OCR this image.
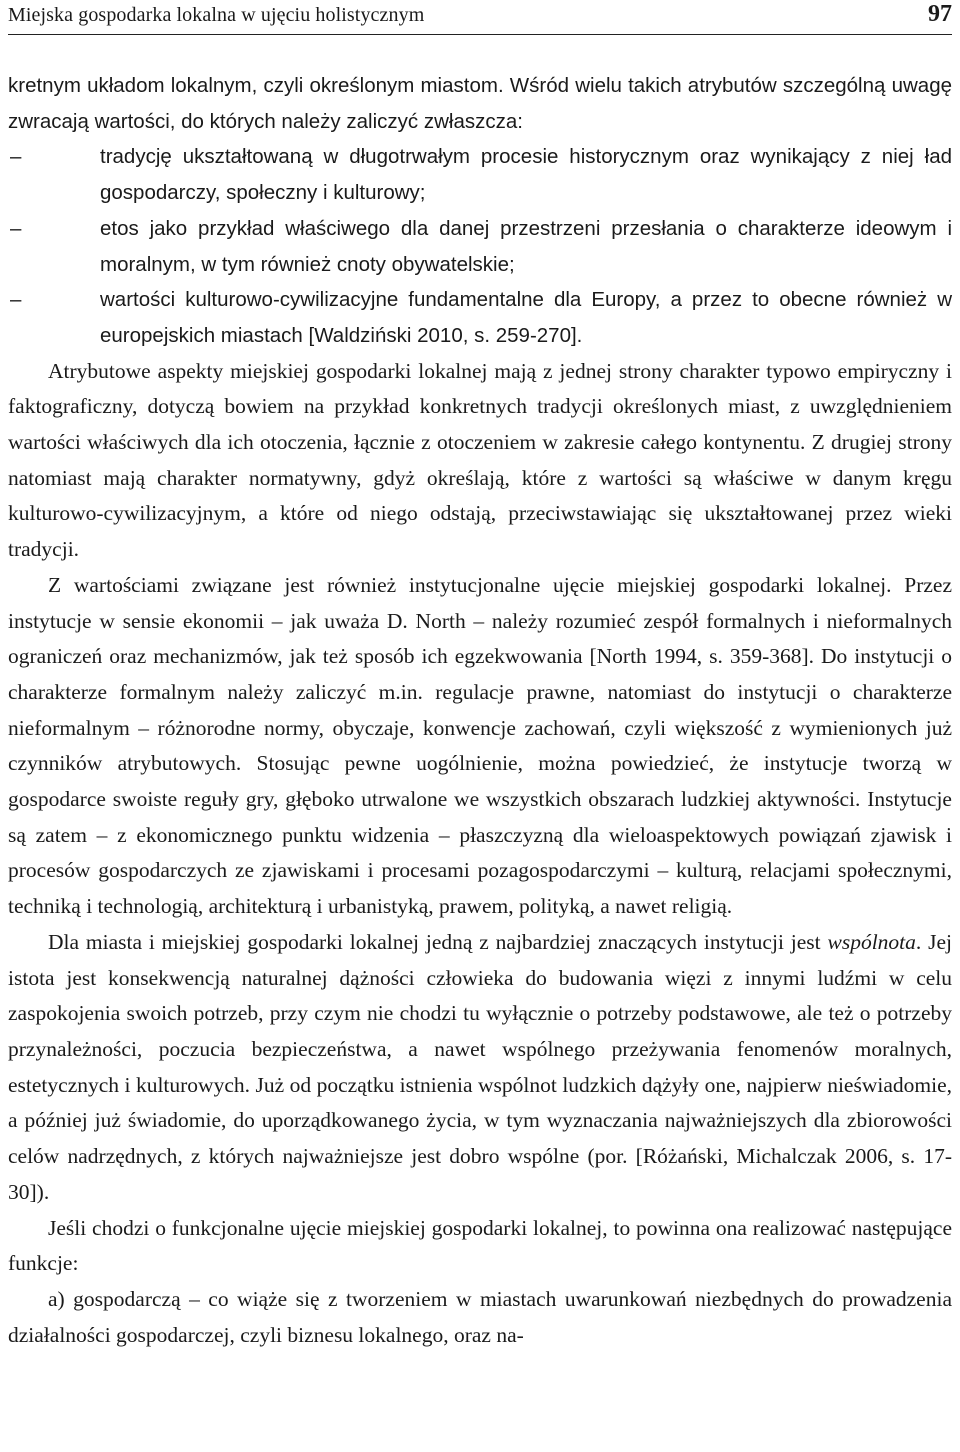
Miejska gospodarka lokalna w ujęciu holistycznym	97

kretnym układom lokalnym, czyli określonym miastom. Wśród wielu takich atrybutów szczególną uwagę zwracają wartości, do których należy zaliczyć zwłaszcza:

–	tradycję ukształtowaną w długotrwałym procesie historycznym oraz wynikający z niej ład gospodarczy, społeczny i kulturowy;
–	etos jako przykład właściwego dla danej przestrzeni przesłania o charakterze ideowym i moralnym, w tym również cnoty obywatelskie;
–	wartości kulturowo-cywilizacyjne fundamentalne dla Europy, a przez to obecne również w europejskich miastach [Waldziński 2010, s. 259-270].

Atrybutowe aspekty miejskiej gospodarki lokalnej mają z jednej strony charakter typowo empiryczny i faktograficzny, dotyczą bowiem na przykład konkretnych tradycji określonych miast, z uwzględnieniem wartości właściwych dla ich otoczenia, łącznie z otoczeniem w zakresie całego kontynentu. Z drugiej strony natomiast mają charakter normatywny, gdyż określają, które z wartości są właściwe w danym kręgu kulturowo-cywilizacyjnym, a które od niego odstają, przeciwstawiając się ukształtowanej przez wieki tradycji.

Z wartościami związane jest również instytucjonalne ujęcie miejskiej gospodarki lokalnej. Przez instytucje w sensie ekonomii – jak uważa D. North – należy rozumieć zespół formalnych i nieformalnych ograniczeń oraz mechanizmów, jak też sposób ich egzekwowania [North 1994, s. 359-368]. Do instytucji o charakterze formalnym należy zaliczyć m.in. regulacje prawne, natomiast do instytucji o charakterze nieformalnym – różnorodne normy, obyczaje, konwencje zachowań, czyli większość z wymienionych już czynników atrybutowych. Stosując pewne uogólnienie, można powiedzieć, że instytucje tworzą w gospodarce swoiste reguły gry, głęboko utrwalone we wszystkich obszarach ludzkiej aktywności. Instytucje są zatem – z ekonomicznego punktu widzenia – płaszczyzną dla wieloaspektowych powiązań zjawisk i procesów gospodarczych ze zjawiskami i procesami pozagospodarczymi – kulturą, relacjami społecznymi, techniką i technologią, architekturą i urbanistyką, prawem, polityką, a nawet religią.

Dla miasta i miejskiej gospodarki lokalnej jedną z najbardziej znaczących instytucji jest wspólnota. Jej istota jest konsekwencją naturalnej dążności człowieka do budowania więzi z innymi ludźmi w celu zaspokojenia swoich potrzeb, przy czym nie chodzi tu wyłącznie o potrzeby podstawowe, ale też o potrzeby przynależności, poczucia bezpieczeństwa, a nawet wspólnego przeżywania fenomenów moralnych, estetycznych i kulturowych. Już od początku istnienia wspólnot ludzkich dążyły one, najpierw nieświadomie, a później już świadomie, do uporządkowanego życia, w tym wyznaczania najważniejszych dla zbiorowości celów nadrzędnych, z których najważniejsze jest dobro wspólne (por. [Różański, Michalczak 2006, s. 17-30]).

Jeśli chodzi o funkcjonalne ujęcie miejskiej gospodarki lokalnej, to powinna ona realizować następujące funkcje:

a) gospodarczą – co wiąże się z tworzeniem w miastach uwarunkowań niezbędnych do prowadzenia działalności gospodarczej, czyli biznesu lokalnego, oraz na-
